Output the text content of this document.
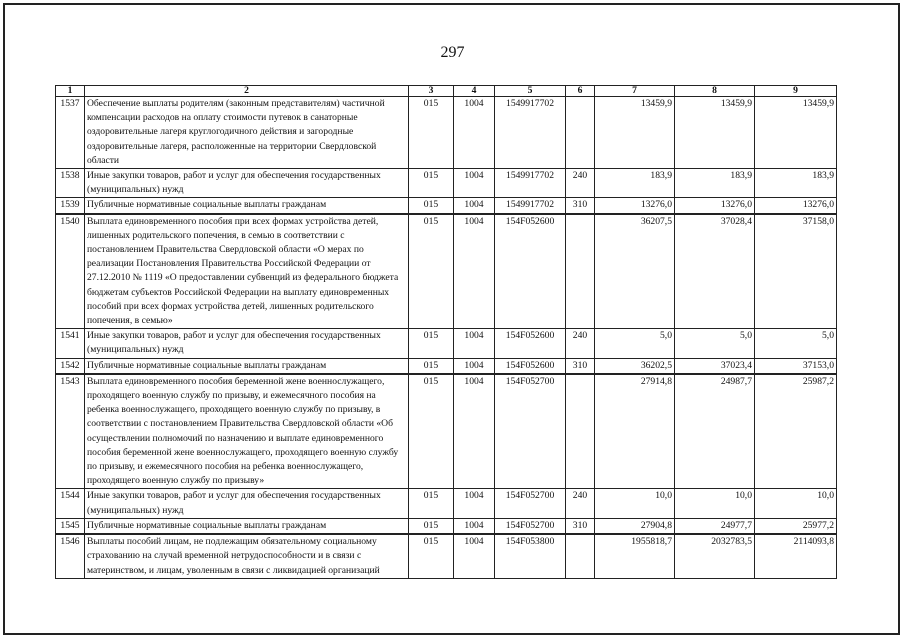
297
1	2	3	4	5	6	7	8	9
1537	Обеспечение выплаты родителям (законным представителям) частичной компенсации расходов на оплату стоимости путевок в санаторные оздоровительные лагеря круглогодичного действия и загородные оздоровительные лагеря, расположенные на территории Свердловской области	015	1004	1549917702		13459,9	13459,9	13459,9
1538	Иные закупки товаров, работ и услуг для обеспечения государственных (муниципальных) нужд	015	1004	1549917702	240	183,9	183,9	183,9
1539	Публичные нормативные социальные выплаты гражданам	015	1004	1549917702	310	13276,0	13276,0	13276,0
1540	Выплата единовременного пособия при всех формах устройства детей, лишенных родительского попечения, в семью в соответствии с постановлением Правительства Свердловской области «О мерах по реализации Постановления Правительства Российской Федерации от 27.12.2010 № 1119 «О предоставлении субвенций из федерального бюджета бюджетам субъектов Российской Федерации на выплату единовременных пособий при всех формах устройства детей, лишенных родительского попечения, в семью»	015	1004	154F052600		36207,5	37028,4	37158,0
1541	Иные закупки товаров, работ и услуг для обеспечения государственных (муниципальных) нужд	015	1004	154F052600	240	5,0	5,0	5,0
1542	Публичные нормативные социальные выплаты гражданам	015	1004	154F052600	310	36202,5	37023,4	37153,0
1543	Выплата единовременного пособия беременной жене военнослужащего, проходящего военную службу по призыву, и ежемесячного пособия на ребенка военнослужащего, проходящего военную службу по призыву, в соответствии с постановлением Правительства Свердловской области «Об осуществлении полномочий по назначению и выплате единовременного пособия беременной жене военнослужащего, проходящего военную службу по призыву, и ежемесячного пособия на ребенка военнослужащего, проходящего военную службу по призыву»	015	1004	154F052700		27914,8	24987,7	25987,2
1544	Иные закупки товаров, работ и услуг для обеспечения государственных (муниципальных) нужд	015	1004	154F052700	240	10,0	10,0	10,0
1545	Публичные нормативные социальные выплаты гражданам	015	1004	154F052700	310	27904,8	24977,7	25977,2
1546	Выплаты пособий лицам, не подлежащим обязательному социальному страхованию на случай временной нетрудоспособности и в связи с материнством, и лицам, уволенным в связи с ликвидацией организаций	015	1004	154F053800		1955818,7	2032783,5	2114093,8
